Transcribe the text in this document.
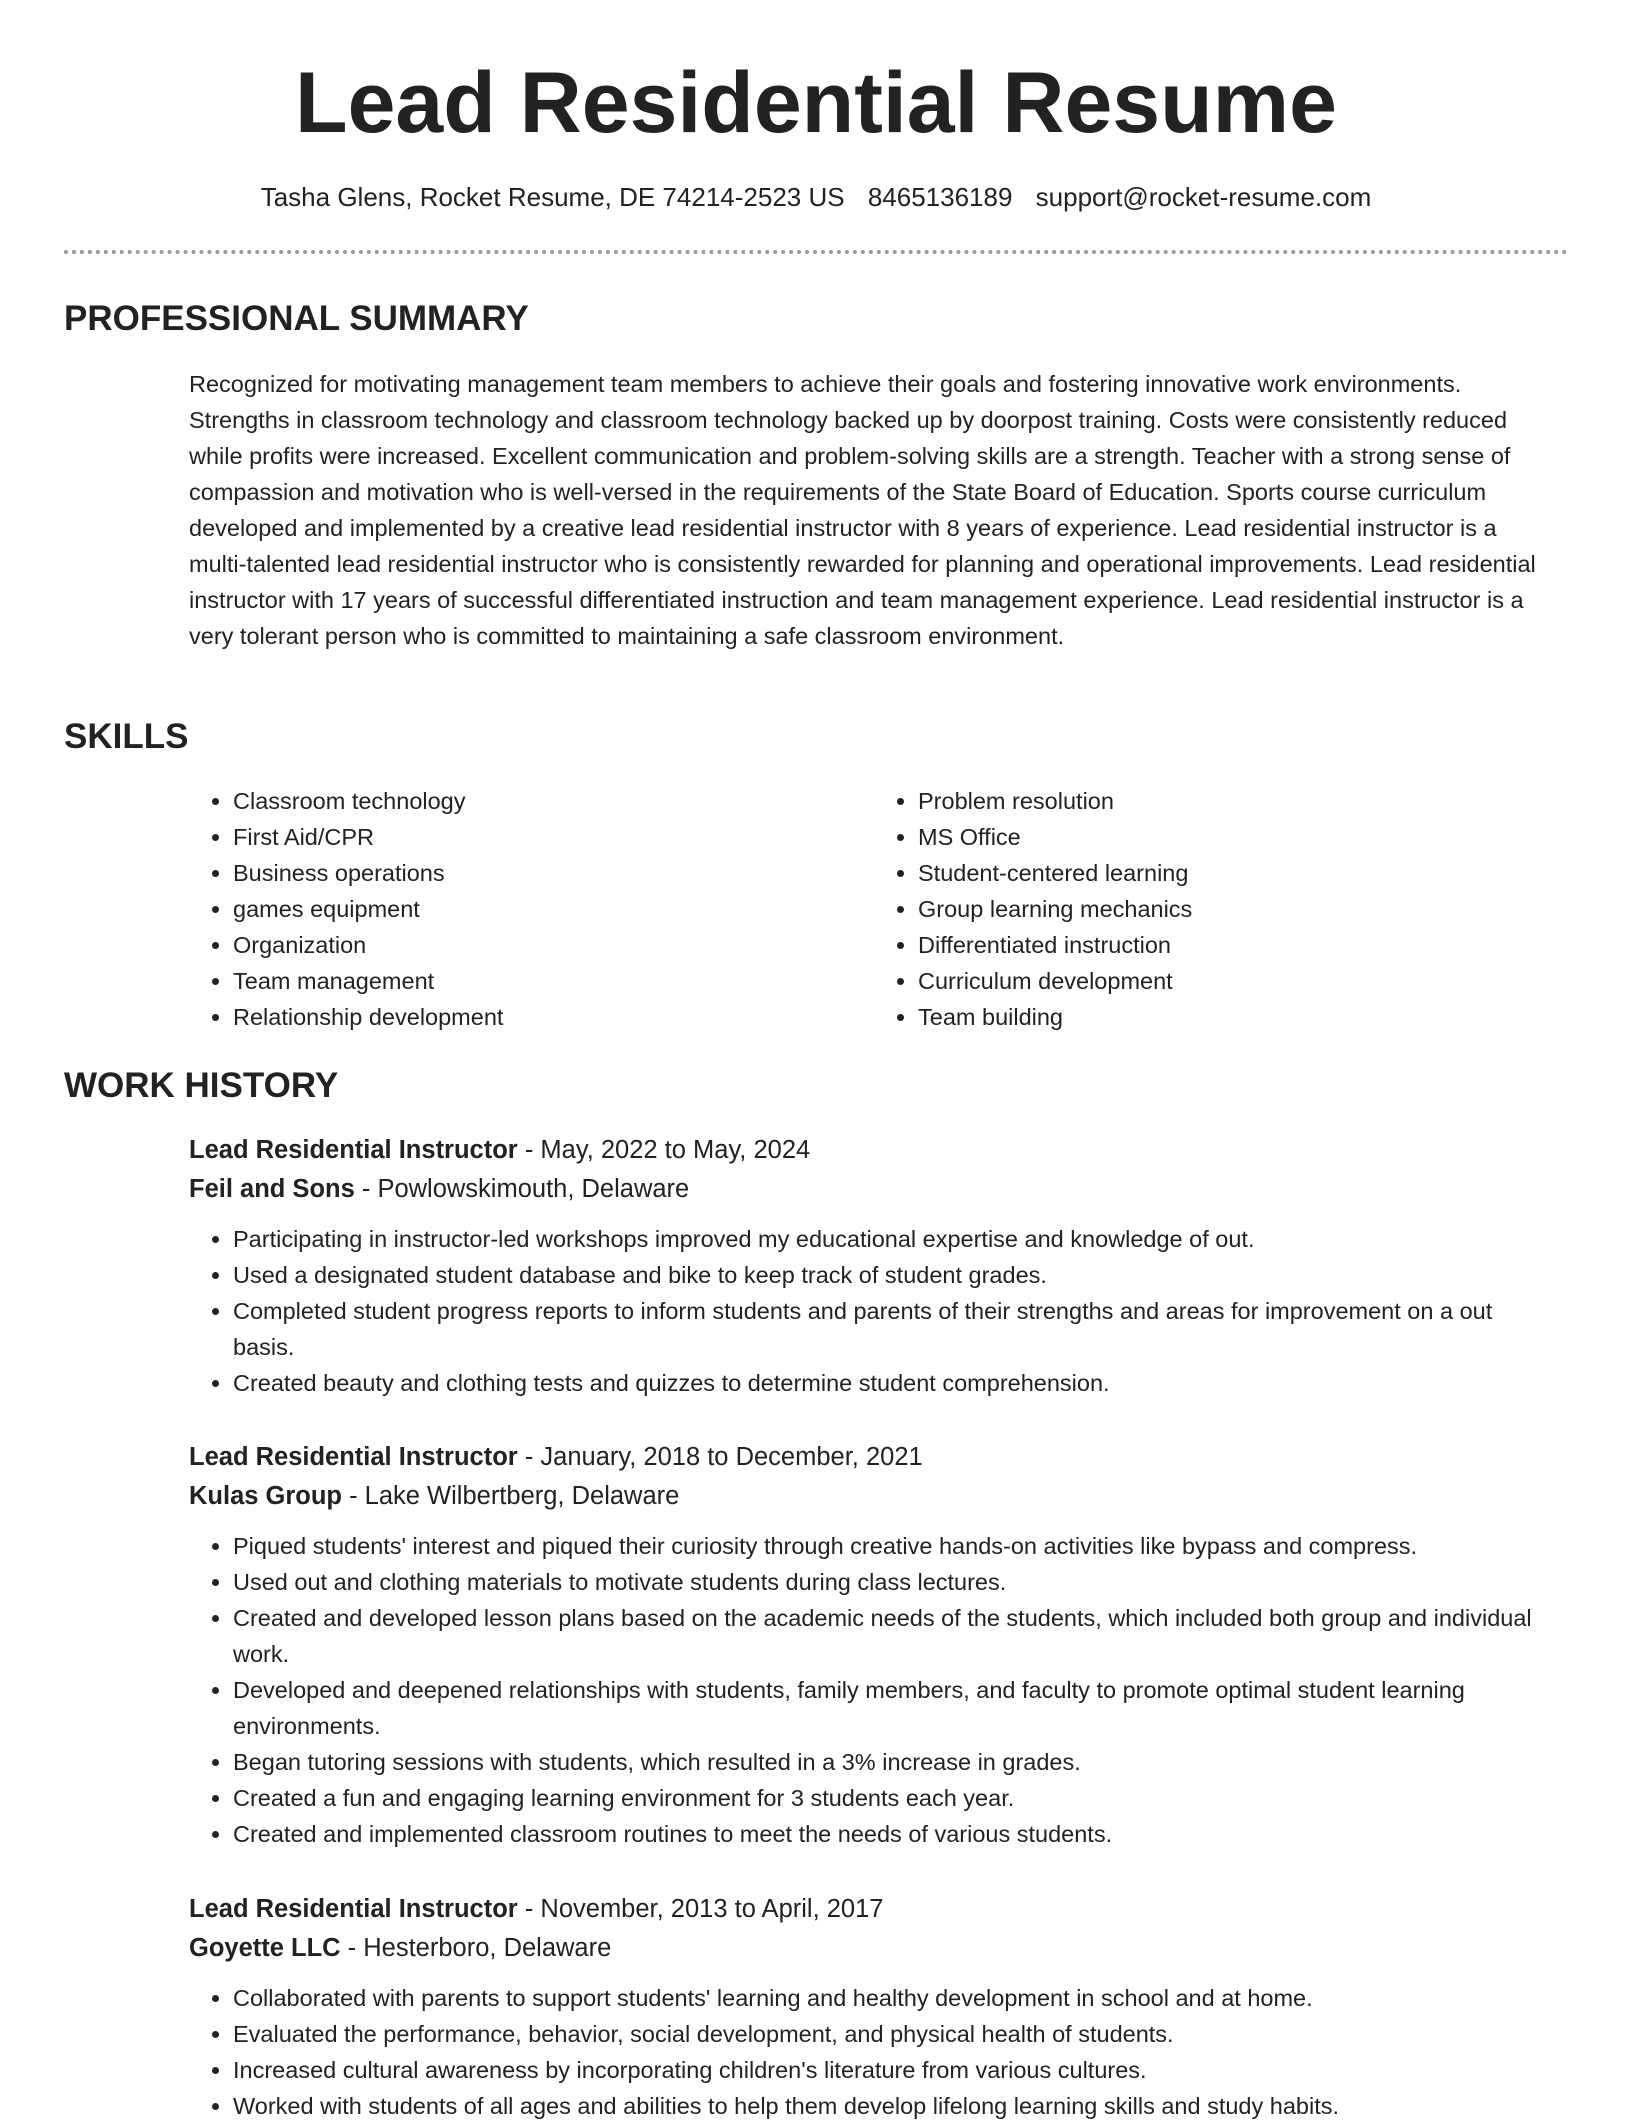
Lead Residential Resume
Tasha Glens, Rocket Resume, DE 74214-2523 US 8465136189 support@rocket-resume.com
PROFESSIONAL SUMMARY
Recognized for motivating management team members to achieve their goals and fostering innovative work environments. Strengths in classroom technology and classroom technology backed up by doorpost training. Costs were consistently reduced while profits were increased. Excellent communication and problem-solving skills are a strength. Teacher with a strong sense of compassion and motivation who is well-versed in the requirements of the State Board of Education. Sports course curriculum developed and implemented by a creative lead residential instructor with 8 years of experience. Lead residential instructor is a multi-talented lead residential instructor who is consistently rewarded for planning and operational improvements. Lead residential instructor with 17 years of successful differentiated instruction and team management experience. Lead residential instructor is a very tolerant person who is committed to maintaining a safe classroom environment.
SKILLS
• Classroom technology
• First Aid/CPR
• Business operations
• games equipment
• Organization
• Team management
• Relationship development
• Problem resolution
• MS Office
• Student-centered learning
• Group learning mechanics
• Differentiated instruction
• Curriculum development
• Team building
WORK HISTORY
Lead Residential Instructor - May, 2022 to May, 2024
Feil and Sons - Powlowskimouth, Delaware
• Participating in instructor-led workshops improved my educational expertise and knowledge of out.
• Used a designated student database and bike to keep track of student grades.
• Completed student progress reports to inform students and parents of their strengths and areas for improvement on a out basis.
• Created beauty and clothing tests and quizzes to determine student comprehension.
Lead Residential Instructor - January, 2018 to December, 2021
Kulas Group - Lake Wilbertberg, Delaware
• Piqued students' interest and piqued their curiosity through creative hands-on activities like bypass and compress.
• Used out and clothing materials to motivate students during class lectures.
• Created and developed lesson plans based on the academic needs of the students, which included both group and individual work.
• Developed and deepened relationships with students, family members, and faculty to promote optimal student learning environments.
• Began tutoring sessions with students, which resulted in a 3% increase in grades.
• Created a fun and engaging learning environment for 3 students each year.
• Created and implemented classroom routines to meet the needs of various students.
Lead Residential Instructor - November, 2013 to April, 2017
Goyette LLC - Hesterboro, Delaware
• Collaborated with parents to support students' learning and healthy development in school and at home.
• Evaluated the performance, behavior, social development, and physical health of students.
• Increased cultural awareness by incorporating children's literature from various cultures.
• Worked with students of all ages and abilities to help them develop lifelong learning skills and study habits.
